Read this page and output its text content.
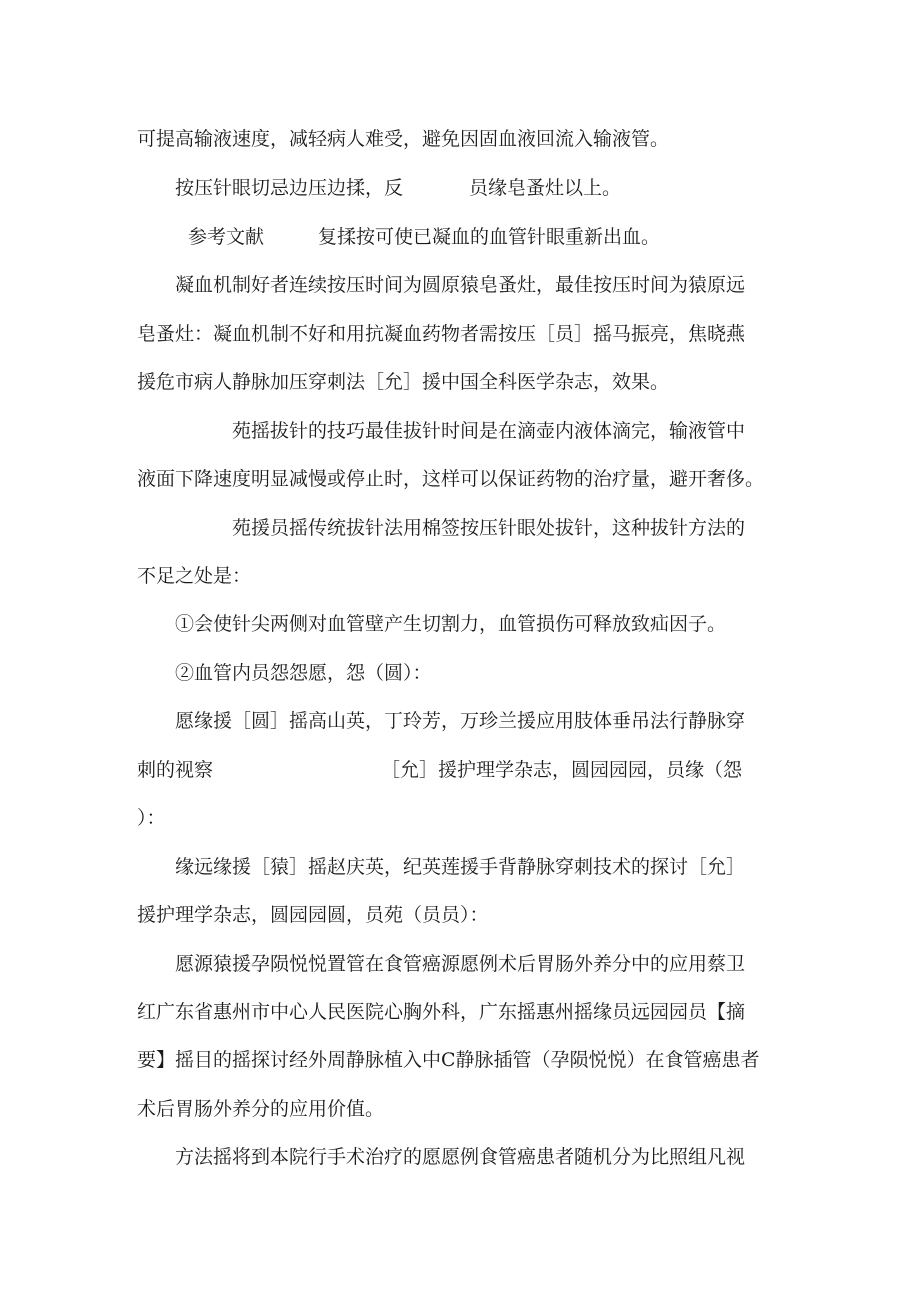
可提高输液速度，减轻病人难受，避免因固血液回流入输液管。
按压针眼切忌边压边揉，反	员缘皂蚤灶以上。
参考文献	复揉按可使已凝血的血管针眼重新出血。
凝血机制好者连续按压时间为圆原猿皂蚤灶，最佳按压时间为猿原远
皂蚤灶：凝血机制不好和用抗凝血药物者需按压［员］摇马振亮，焦晓燕
援危市病人静脉加压穿刺法［允］援中国全科医学杂志，效果。
苑摇拔针的技巧最佳拔针时间是在滴壶内液体滴完，输液管中
液面下降速度明显减慢或停止时，这样可以保证药物的治疗量，避开奢侈。
苑援员摇传统拔针法用棉签按压针眼处拔针，这种拔针方法的
不足之处是：
①会使针尖两侧对血管壁产生切割力，血管损伤可释放致疝因子。
②血管内员怨怨愿，怨（圆）：
愿缘援［圆］摇高山英，丁玲芳，万珍兰援应用肢体垂吊法行静脉穿
刺的视察	［允］援护理学杂志，圆园园园，员缘（怨
）：
缘远缘援［猿］摇赵庆英，纪英莲援手背静脉穿刺技术的探讨［允］
援护理学杂志，圆园园圆，员苑（员员）：
愿源猿援孕陨悦悦置管在食管癌源愿例术后胃肠外养分中的应用蔡卫
红广东省惠州市中心人民医院心胸外科，广东摇惠州摇缘员远园园员【摘
要】摇目的摇探讨经外周静脉植入中C静脉插管（孕陨悦悦）在食管癌患者
术后胃肠外养分的应用价值。
方法摇将到本院行手术治疗的愿愿例食管癌患者随机分为比照组凡视
